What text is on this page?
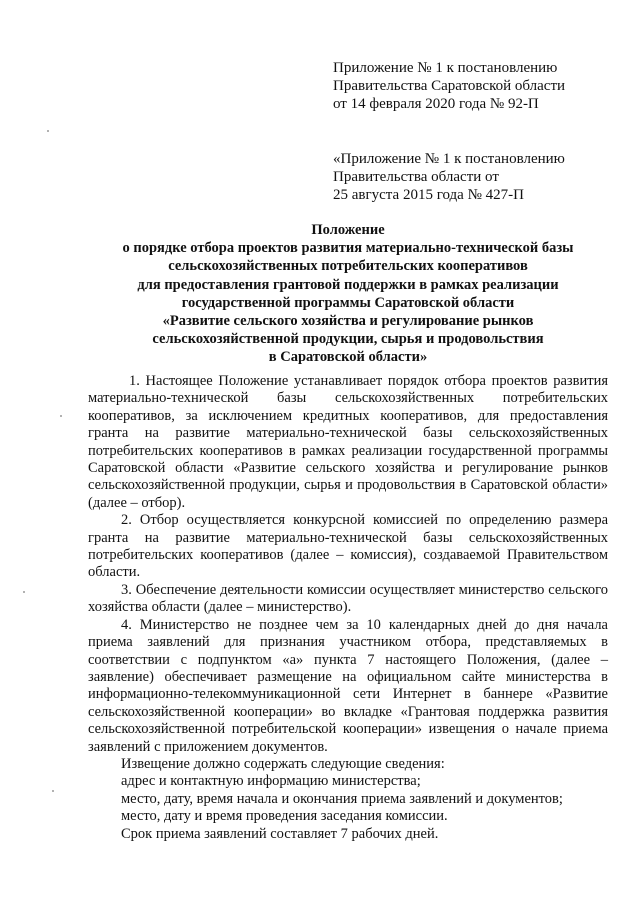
Приложение № 1 к постановлению
Правительства Саратовской области
от 14 февраля 2020 года № 92-П
«Приложение № 1 к постановлению
Правительства области от
25 августа 2015 года № 427-П
Положение
о порядке отбора проектов развития материально-технической базы
сельскохозяйственных потребительских кооперативов
для предоставления грантовой поддержки в рамках реализации
государственной программы Саратовской области
«Развитие сельского хозяйства и регулирование рынков
сельскохозяйственной продукции, сырья и продовольствия
в Саратовской области»

1. Настоящее Положение устанавливает порядок отбора проектов развития материально-технической базы сельскохозяйственных потребительских кооперативов, за исключением кредитных кооперативов, для предоставления гранта на развитие материально-технической базы сельскохозяйственных потребительских кооперативов в рамках реализации государственной программы Саратовской области «Развитие сельского хозяйства и регулирование рынков сельскохозяйственной продукции, сырья и продовольствия в Саратовской области» (далее – отбор).

2. Отбор осуществляется конкурсной комиссией по определению размера гранта на развитие материально-технической базы сельскохозяйственных потребительских кооперативов (далее – комиссия), создаваемой Правительством области.

3. Обеспечение деятельности комиссии осуществляет министерство сельского хозяйства области (далее – министерство).

4. Министерство не позднее чем за 10 календарных дней до дня начала приема заявлений для признания участником отбора, представляемых в соответствии с подпунктом «а» пункта 7 настоящего Положения, (далее – заявление) обеспечивает размещение на официальном сайте министерства в информационно-телекоммуникационной сети Интернет в баннере «Развитие сельскохозяйственной кооперации» во вкладке «Грантовая поддержка развития сельскохозяйственной потребительской кооперации» извещения о начале приема заявлений с приложением документов.

Извещение должно содержать следующие сведения:

адрес и контактную информацию министерства;

место, дату, время начала и окончания приема заявлений и документов;

место, дату и время проведения заседания комиссии.

Срок приема заявлений составляет 7 рабочих дней.
